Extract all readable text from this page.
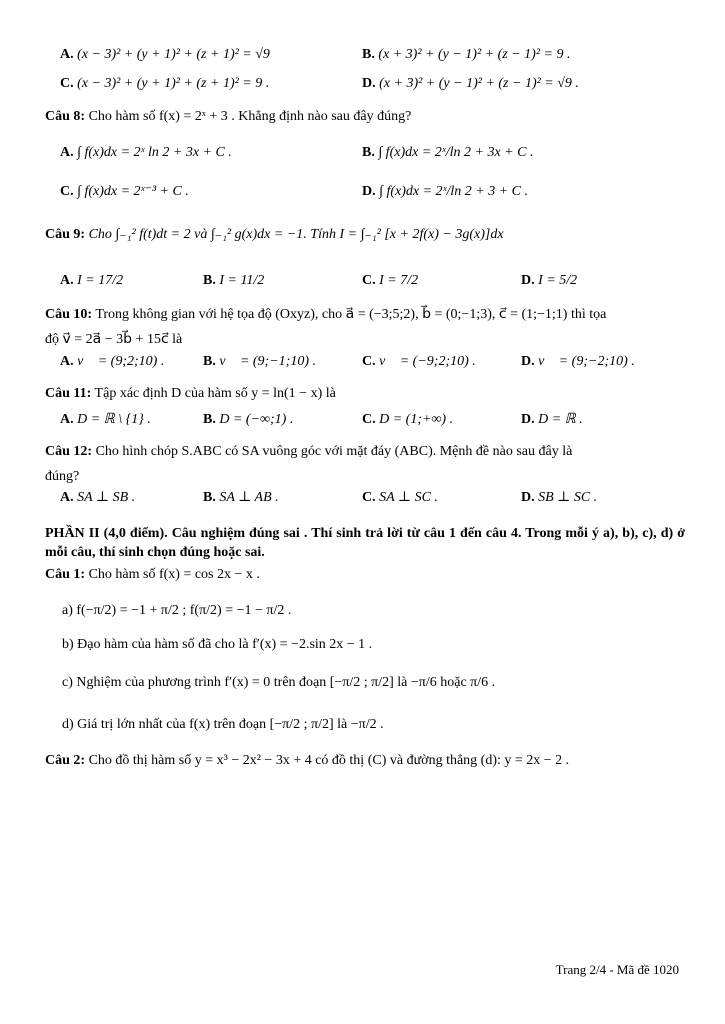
A. (x − 3)² + (y + 1)² + (z + 1)² = √9	B. (x + 3)² + (y − 1)² + (z − 1)² = 9 .
C. (x − 3)² + (y + 1)² + (z + 1)² = 9 .	D. (x + 3)² + (y − 1)² + (z − 1)² = √9 .
Câu 8: Cho hàm số f(x) = 2ˣ + 3 . Khẳng định nào sau đây đúng?
A. ∫ f(x)dx = 2ˣ ln 2 + 3x + C .	B. ∫ f(x)dx = 2ˣ/ln 2 + 3x + C .
C. ∫ f(x)dx = 2ˣ⁻³ + C .	D. ∫ f(x)dx = 2ˣ/ln 2 + 3 + C .
Câu 9: Cho ∫₋₁² f(t)dt = 2 và ∫₋₁² g(x)dx = −1. Tính I = ∫₋₁² [x + 2f(x) − 3g(x)]dx
A. I = 17/2	B. I = 11/2	C. I = 7/2	D. I = 5/2
Câu 10: Trong không gian với hệ tọa độ (Oxyz), cho a⃗ = (−3;5;2), b⃗ = (0;−1;3), c⃗ = (1;−1;1) thì tọa
độ v⃗ = 2a⃗ − 3b⃗ + 15c⃗ là
A. v⃗ = (9;2;10) .	B. v⃗ = (9;−1;10) .	C. v⃗ = (−9;2;10) .	D. v⃗ = (9;−2;10) .
Câu 11: Tập xác định D của hàm số y = ln(1 − x) là
A. D = ℝ \ {1} .	B. D = (−∞;1) .	C. D = (1;+∞) .	D. D = ℝ .
Câu 12: Cho hình chóp S.ABC có SA vuông góc với mặt đáy (ABC). Mệnh đề nào sau đây là
đúng?
A. SA ⊥ SB .	B. SA ⊥ AB .	C. SA ⊥ SC .	D. SB ⊥ SC .
PHẦN II (4,0 điểm). Câu nghiệm đúng sai . Thí sinh trả lời từ câu 1 đến câu 4. Trong mỗi ý a), b), c), d) ở mỗi câu, thí sinh chọn đúng hoặc sai.
Câu 1: Cho hàm số f(x) = cos 2x − x .
a) f(−π/2) = −1 + π/2 ; f(π/2) = −1 − π/2 .
b) Đạo hàm của hàm số đã cho là f′(x) = −2.sin 2x − 1 .
c) Nghiệm của phương trình f′(x) = 0 trên đoạn [−π/2 ; π/2] là −π/6 hoặc π/6 .
d) Giá trị lớn nhất của f(x) trên đoạn [−π/2 ; π/2] là −π/2 .
Câu 2: Cho đồ thị hàm số y = x³ − 2x² − 3x + 4 có đồ thị (C) và đường thẳng (d): y = 2x − 2 .
Trang 2/4 - Mã đề 1020
